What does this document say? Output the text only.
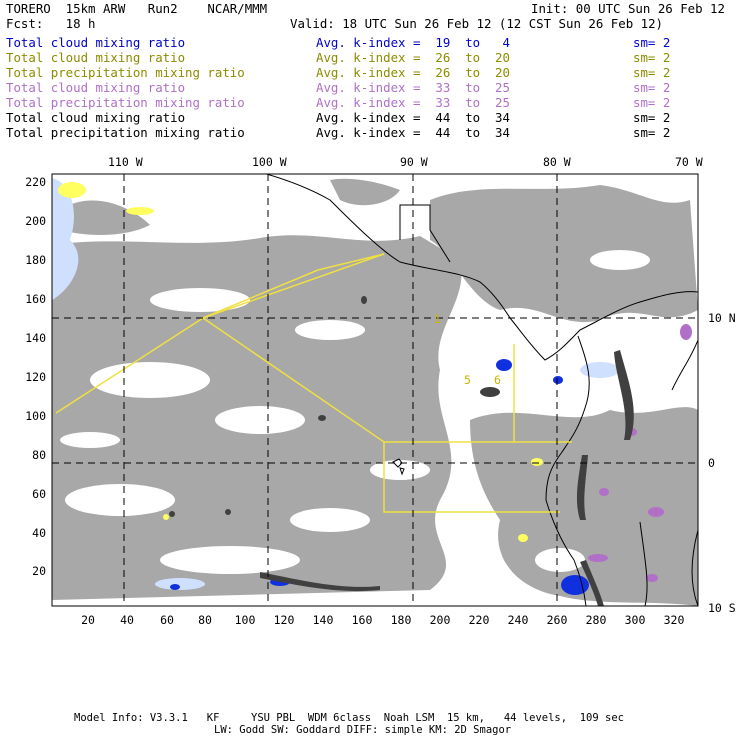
TORERO  15km ARW   Run2    NCAR/MMM	Init: 00 UTC Sun 26 Feb 12
Fcst:   18 h	Valid: 18 UTC Sun 26 Feb 12 (12 CST Sun 26 Feb 12)
Total cloud mixing ratio	Avg. k-index =  19  to   4	sm= 2
Total cloud mixing ratio	Avg. k-index =  26  to  20	sm= 2
Total precipitation mixing ratio	Avg. k-index =  26  to  20	sm= 2
Total cloud mixing ratio	Avg. k-index =  33  to  25	sm= 2
Total precipitation mixing ratio	Avg. k-index =  33  to  25	sm= 2
Total cloud mixing ratio	Avg. k-index =  44  to  34	sm= 2
Total precipitation mixing ratio	Avg. k-index =  44  to  34	sm= 2
1
5 6
110 W	100 W	90 W	80 W	70 W
10 N
0
10 S
20 40 60 80 100 120 140 160 180 200 220 240 260 280 300 320
20
40
60
80
100
120
140
160
180
200
220
Model Info: V3.3.1   KF     YSU PBL  WDM 6class  Noah LSM  15 km,   44 levels,  109 sec
LW: Godd SW: Goddard DIFF: simple KM: 2D Smagor
